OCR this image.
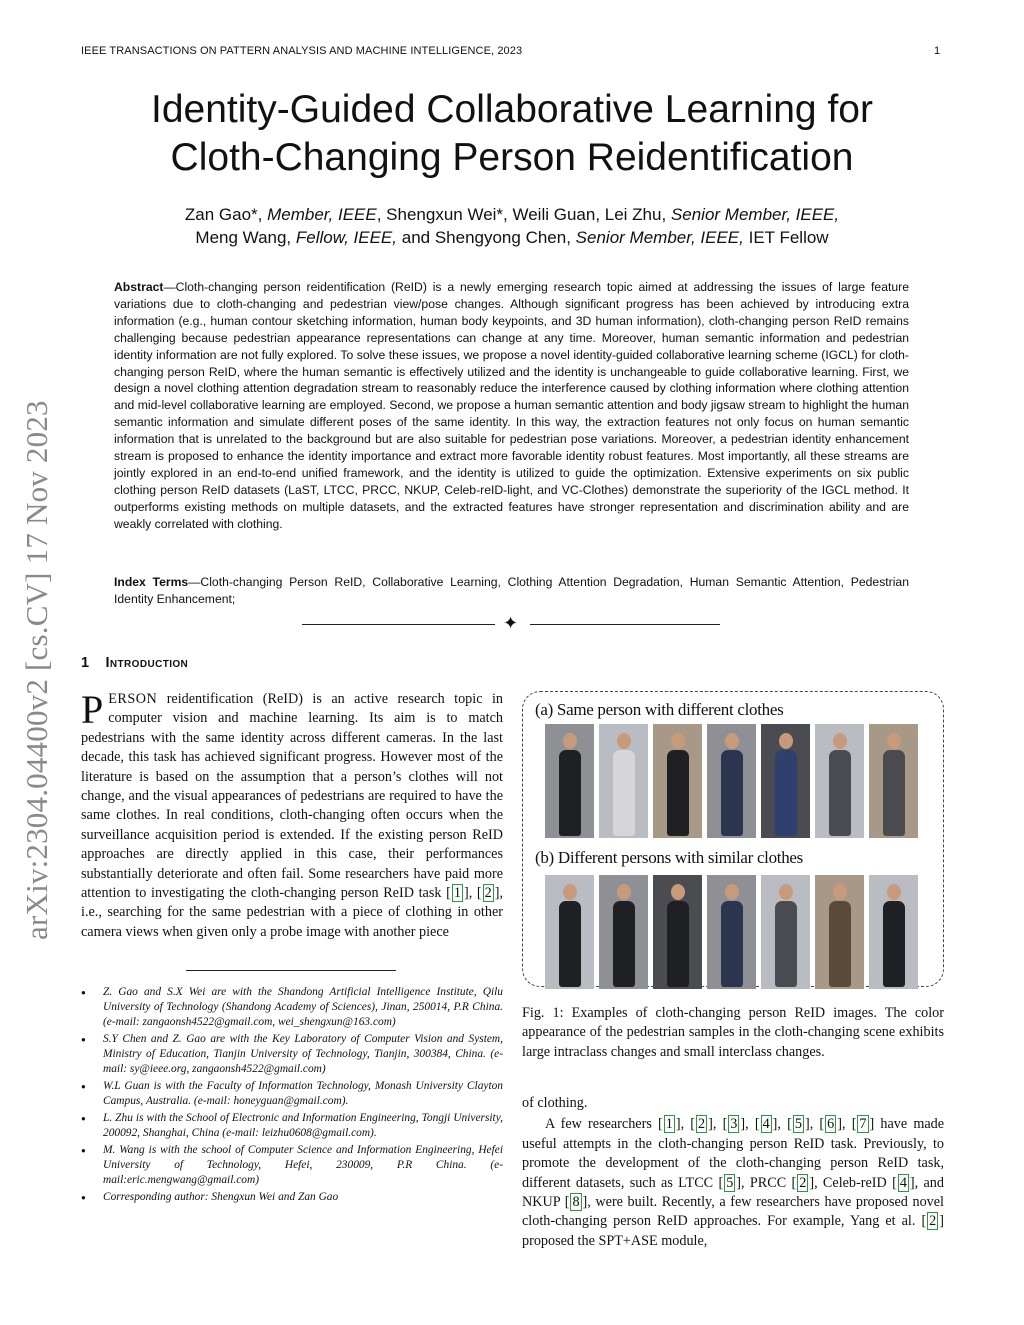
IEEE TRANSACTIONS ON PATTERN ANALYSIS AND MACHINE INTELLIGENCE, 2023	1
arXiv:2304.04400v2 [cs.CV] 17 Nov 2023
Identity-Guided Collaborative Learning for
Cloth-Changing Person Reidentification
Zan Gao*, Member, IEEE, Shengxun Wei*, Weili Guan, Lei Zhu, Senior Member, IEEE,
Meng Wang, Fellow, IEEE, and Shengyong Chen, Senior Member, IEEE, IET Fellow

Abstract—Cloth-changing person reidentification (ReID) is a newly emerging research topic aimed at addressing the issues of large feature variations due to cloth-changing and pedestrian view/pose changes. Although significant progress has been achieved by introducing extra information (e.g., human contour sketching information, human body keypoints, and 3D human information), cloth-changing person ReID remains challenging because pedestrian appearance representations can change at any time. Moreover, human semantic information and pedestrian identity information are not fully explored. To solve these issues, we propose a novel identity-guided collaborative learning scheme (IGCL) for cloth-changing person ReID, where the human semantic is effectively utilized and the identity is unchangeable to guide collaborative learning. First, we design a novel clothing attention degradation stream to reasonably reduce the interference caused by clothing information where clothing attention and mid-level collaborative learning are employed. Second, we propose a human semantic attention and body jigsaw stream to highlight the human semantic information and simulate different poses of the same identity. In this way, the extraction features not only focus on human semantic information that is unrelated to the background but are also suitable for pedestrian pose variations. Moreover, a pedestrian identity enhancement stream is proposed to enhance the identity importance and extract more favorable identity robust features. Most importantly, all these streams are jointly explored in an end-to-end unified framework, and the identity is utilized to guide the optimization. Extensive experiments on six public clothing person ReID datasets (LaST, LTCC, PRCC, NKUP, Celeb-reID-light, and VC-Clothes) demonstrate the superiority of the IGCL method. It outperforms existing methods on multiple datasets, and the extracted features have stronger representation and discrimination ability and are weakly correlated with clothing.

Index Terms—Cloth-changing Person ReID, Collaborative Learning, Clothing Attention Degradation, Human Semantic Attention, Pedestrian Identity Enhancement;

✦
1 Introduction

PERSON reidentification (ReID) is an active research topic in computer vision and machine learning. Its aim is to match pedestrians with the same identity across different cameras. In the last decade, this task has achieved significant progress. However most of the literature is based on the assumption that a person’s clothes will not change, and the visual appearances of pedestrians are required to have the same clothes. In real conditions, cloth-changing often occurs when the surveillance acquisition period is extended. If the existing person ReID approaches are directly applied in this case, their performances substantially deteriorate and often fail. Some researchers have paid more attention to investigating the cloth-changing person ReID task [ 1 ], [ 2 ], i.e., searching for the same pedestrian with a piece of clothing in other camera views when given only a probe image with another piece

● Z. Gao and S.X Wei are with the Shandong Artificial Intelligence Institute, Qilu University of Technology (Shandong Academy of Sciences), Jinan, 250014, P.R China. (e-mail: zangaonsh4522@gmail.com, wei_shengxun@163.com)
● S.Y Chen and Z. Gao are with the Key Laboratory of Computer Vision and System, Ministry of Education, Tianjin University of Technology, Tianjin, 300384, China. (e-mail: sy@ieee.org, zangaonsh4522@gmail.com)
● W.L Guan is with the Faculty of Information Technology, Monash University Clayton Campus, Australia. (e-mail: honeyguan@gmail.com).
● L. Zhu is with the School of Electronic and Information Engineering, Tongji University, 200092, Shanghai, China (e-mail: leizhu0608@gmail.com).
● M. Wang is with the school of Computer Science and Information Engineering, Hefei University of Technology, Hefei, 230009, P.R China. (e-mail:eric.mengwang@gmail.com)
● Corresponding author: Shengxun Wei and Zan Gao
(a) Same person with different clothes
(b) Different persons with similar clothes

Fig. 1: Examples of cloth-changing person ReID images. The color appearance of the pedestrian samples in the cloth-changing scene exhibits large intraclass changes and small interclass changes.

of clothing.

A few researchers [ 1 ], [ 2 ], [ 3 ], [ 4 ], [ 5 ], [ 6 ], [ 7 ] have made useful attempts in the cloth-changing person ReID task. Previously, to promote the development of the cloth-changing person ReID task, different datasets, such as LTCC [ 5 ], PRCC [ 2 ], Celeb-reID [ 4 ], and NKUP [ 8 ], were built. Recently, a few researchers have proposed novel cloth-changing person ReID approaches. For example, Yang et al. [ 2 ] proposed the SPT+ASE module,
